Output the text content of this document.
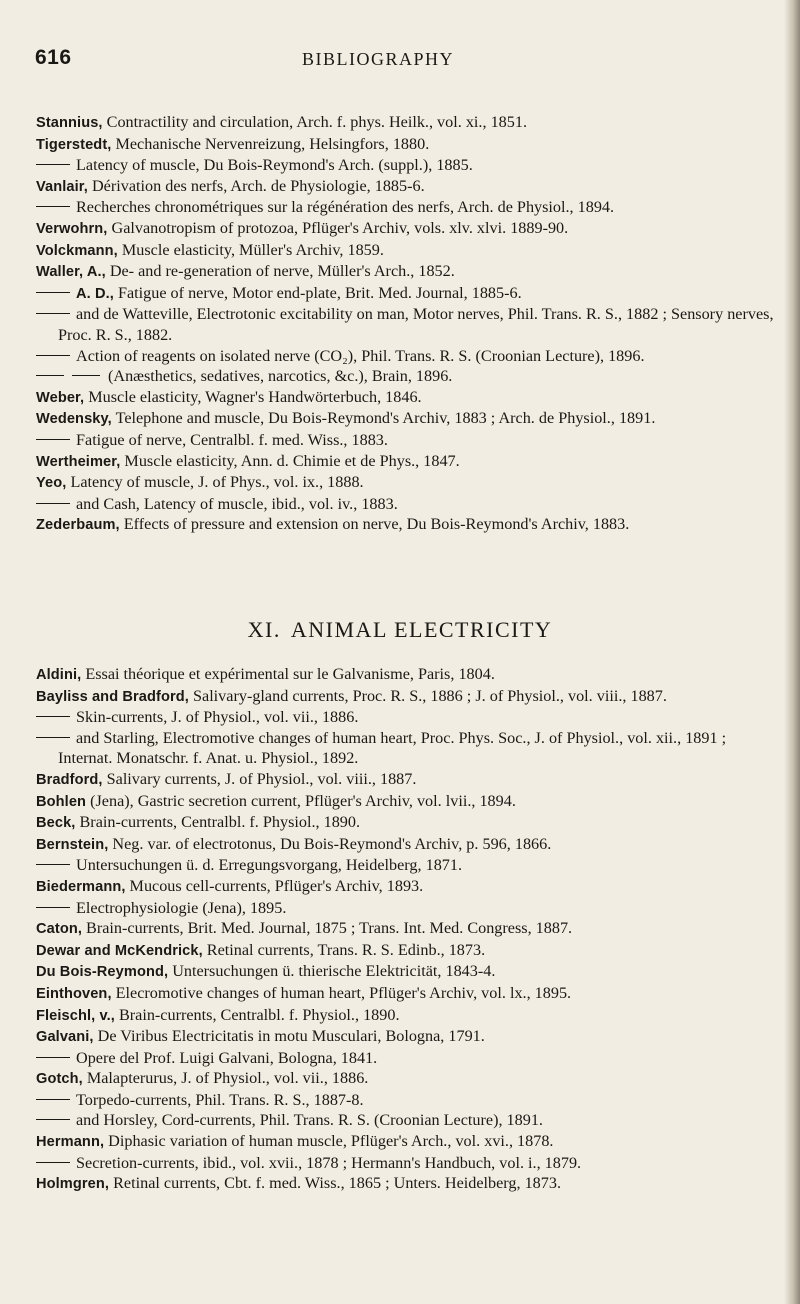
616	BIBLIOGRAPHY
Stannius, Contractility and circulation, Arch. f. phys. Heilk., vol. xi., 1851.
Tigerstedt, Mechanische Nervenreizung, Helsingfors, 1880.
Latency of muscle, Du Bois-Reymond's Arch. (suppl.), 1885.
Vanlair, Dérivation des nerfs, Arch. de Physiologie, 1885-6.
Recherches chronométriques sur la régénération des nerfs, Arch. de Physiol., 1894.
Verwohrn, Galvanotropism of protozoa, Pflüger's Archiv, vols. xlv. xlvi. 1889-90.
Volckmann, Muscle elasticity, Müller's Archiv, 1859.
Waller, A., De- and re-generation of nerve, Müller's Arch., 1852.
A. D., Fatigue of nerve, Motor end-plate, Brit. Med. Journal, 1885-6.
and de Watteville, Electrotonic excitability on man, Motor nerves, Phil. Trans. R. S., 1882 ; Sensory nerves, Proc. R. S., 1882.
Action of reagents on isolated nerve (CO₂), Phil. Trans. R. S. (Croonian Lecture), 1896.
(Anæsthetics, sedatives, narcotics, &c.), Brain, 1896.
Weber, Muscle elasticity, Wagner's Handwörterbuch, 1846.
Wedensky, Telephone and muscle, Du Bois-Reymond's Archiv, 1883 ; Arch. de Physiol., 1891.
Fatigue of nerve, Centralbl. f. med. Wiss., 1883.
Wertheimer, Muscle elasticity, Ann. d. Chimie et de Phys., 1847.
Yeo, Latency of muscle, J. of Phys., vol. ix., 1888.
and Cash, Latency of muscle, ibid., vol. iv., 1883.
Zederbaum, Effects of pressure and extension on nerve, Du Bois-Reymond's Archiv, 1883.
XI. ANIMAL ELECTRICITY
Aldini, Essai théorique et expérimental sur le Galvanisme, Paris, 1804.
Bayliss and Bradford, Salivary-gland currents, Proc. R. S., 1886 ; J. of Physiol., vol. viii., 1887.
Skin-currents, J. of Physiol., vol. vii., 1886.
and Starling, Electromotive changes of human heart, Proc. Phys. Soc., J. of Physiol., vol. xii., 1891 ; Internat. Monatschr. f. Anat. u. Physiol., 1892.
Bradford, Salivary currents, J. of Physiol., vol. viii., 1887.
Bohlen (Jena), Gastric secretion current, Pflüger's Archiv, vol. lvii., 1894.
Beck, Brain-currents, Centralbl. f. Physiol., 1890.
Bernstein, Neg. var. of electrotonus, Du Bois-Reymond's Archiv, p. 596, 1866.
Untersuchungen ü. d. Erregungsvorgang, Heidelberg, 1871.
Biedermann, Mucous cell-currents, Pflüger's Archiv, 1893.
Electrophysiologie (Jena), 1895.
Caton, Brain-currents, Brit. Med. Journal, 1875 ; Trans. Int. Med. Congress, 1887.
Dewar and McKendrick, Retinal currents, Trans. R. S. Edinb., 1873.
Du Bois-Reymond, Untersuchungen ü. thierische Elektricität, 1843-4.
Einthoven, Elecromotive changes of human heart, Pflüger's Archiv, vol. lx., 1895.
Fleischl, v., Brain-currents, Centralbl. f. Physiol., 1890.
Galvani, De Viribus Electricitatis in motu Musculari, Bologna, 1791.
Opere del Prof. Luigi Galvani, Bologna, 1841.
Gotch, Malapterurus, J. of Physiol., vol. vii., 1886.
Torpedo-currents, Phil. Trans. R. S., 1887-8.
and Horsley, Cord-currents, Phil. Trans. R. S. (Croonian Lecture), 1891.
Hermann, Diphasic variation of human muscle, Pflüger's Arch., vol. xvi., 1878.
Secretion-currents, ibid., vol. xvii., 1878 ; Hermann's Handbuch, vol. i., 1879.
Holmgren, Retinal currents, Cbt. f. med. Wiss., 1865 ; Unters. Heidelberg, 1873.
